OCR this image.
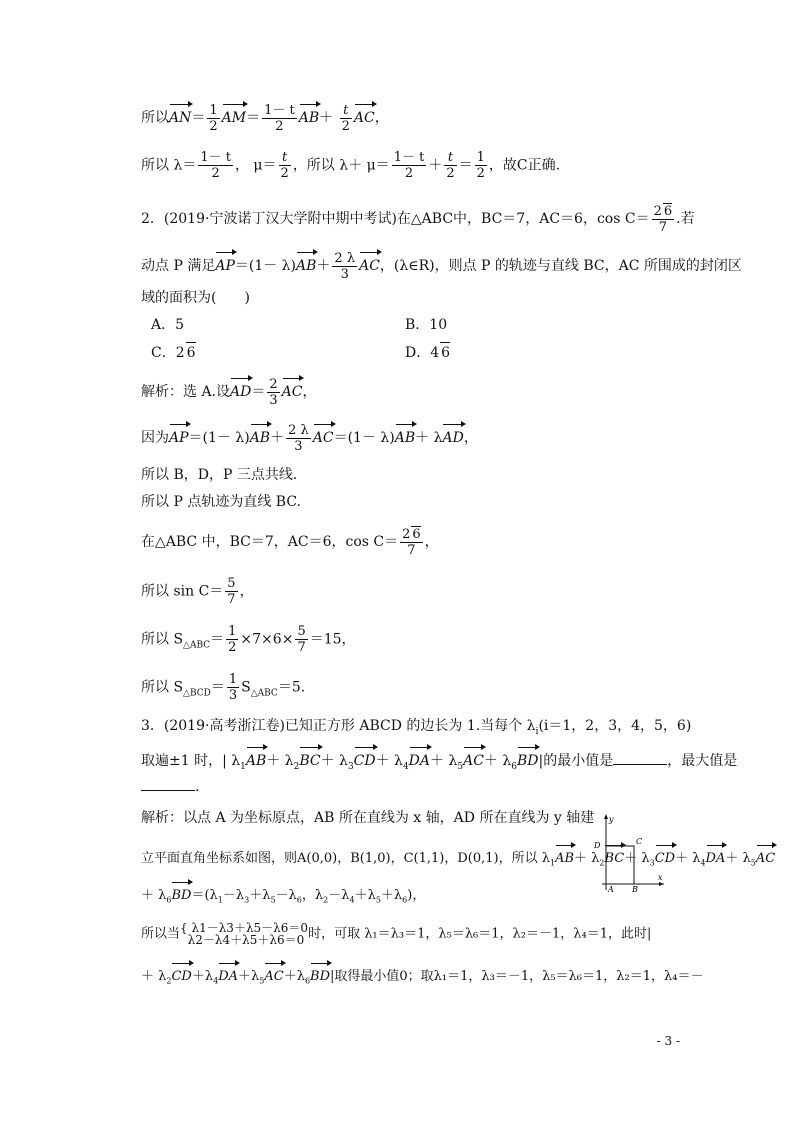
所以$AN= \frac{1}{2} AM= \frac{1- t}{2} AB+ \frac{t}{2}$ AC，
所以 $\lambda= \frac{1- t}{2}$ ， $\mu= \frac{t}{2}$ ，所以 $\lambda+ \mu= \frac{1- t}{2} + \frac{t}{2} = \frac{1}{2}$ ，故C正确.
2．(2019·宁波诺丁汉大学附中期中考试)在△ABC中，BC＝7，AC＝6，$\cos C= \frac{2 6}{7}$ .若
动点 P 满足$AP=(1- \lambda)AB+ \frac{2 \lambda}{3}$ AC，(λ∈R)，则点 P 的轨迹与直线 BC，AC 所围成的封闭区
域的面积为(　　)
A．5	B．10
C．2 6	D．4 6
解析：选 A.设$AD= \frac{2}{3}$ AC，
因为$AP=(1- \lambda)AB+ \frac{2 \lambda}{3} AC=(1- \lambda)AB+ \lambda AD$，
所以 B，D，P 三点共线.
所以 P 点轨迹为直线 BC.
在△ABC 中，BC＝7，AC＝6，$\cos C= \frac{2 6}{7}$ ，
所以 $\sin C= \frac{5}{7}$ ，
所以 $S_{\triangle ABC}= \frac{1}{2} \times 7\times 6\times \frac{5}{7} =15$，
所以 $S_{\triangle BCD}= \frac{1}{3} S_{\triangle ABC}=5$.
3．(2019·高考浙江卷)已知正方形 ABCD 的边长为 1.当每个 $\lambda_i(i=1$，2，3，4，5，6)
取遍±1 时，| $\lambda_1AB+ \lambda_2BC+ \lambda_3CD+ \lambda_4DA+ \lambda_5AC+ \lambda_6BD|$的最小值是	，最大值是
.
解析：以点 A 为坐标原点，AB 所在直线为 x 轴，AD 所在直线为 y 轴建
立平面直角坐标系如图，则A(0,0)，B(1,0)，C(1,1)，D(0,1)，所以 $\lambda_1AB+ \lambda_2BC+ \lambda_3CD+ \lambda_4DA+ \lambda_5AC$
＋ $\lambda_6BD=(\lambda_1-\lambda_3+\lambda_5-\lambda_6$，$\lambda_2-\lambda_4+\lambda_5+\lambda_6$)，
所以当{ λ1－λ3＋λ5－λ6＝0
λ2－λ4＋λ5＋λ6＝0 时，可取 λ₁＝λ₃＝1，λ₅＝λ₆＝1，λ₂＝－1，λ₄＝1，此时|
＋ $\lambda_2CD+\lambda_4DA+\lambda_5AC+\lambda_6BD|$取得最小值0；取λ₁＝1，λ₃＝－1，λ₅＝λ₆＝1，λ₂＝1，λ₄＝－
y
x
D	C
A B
- 3 -
